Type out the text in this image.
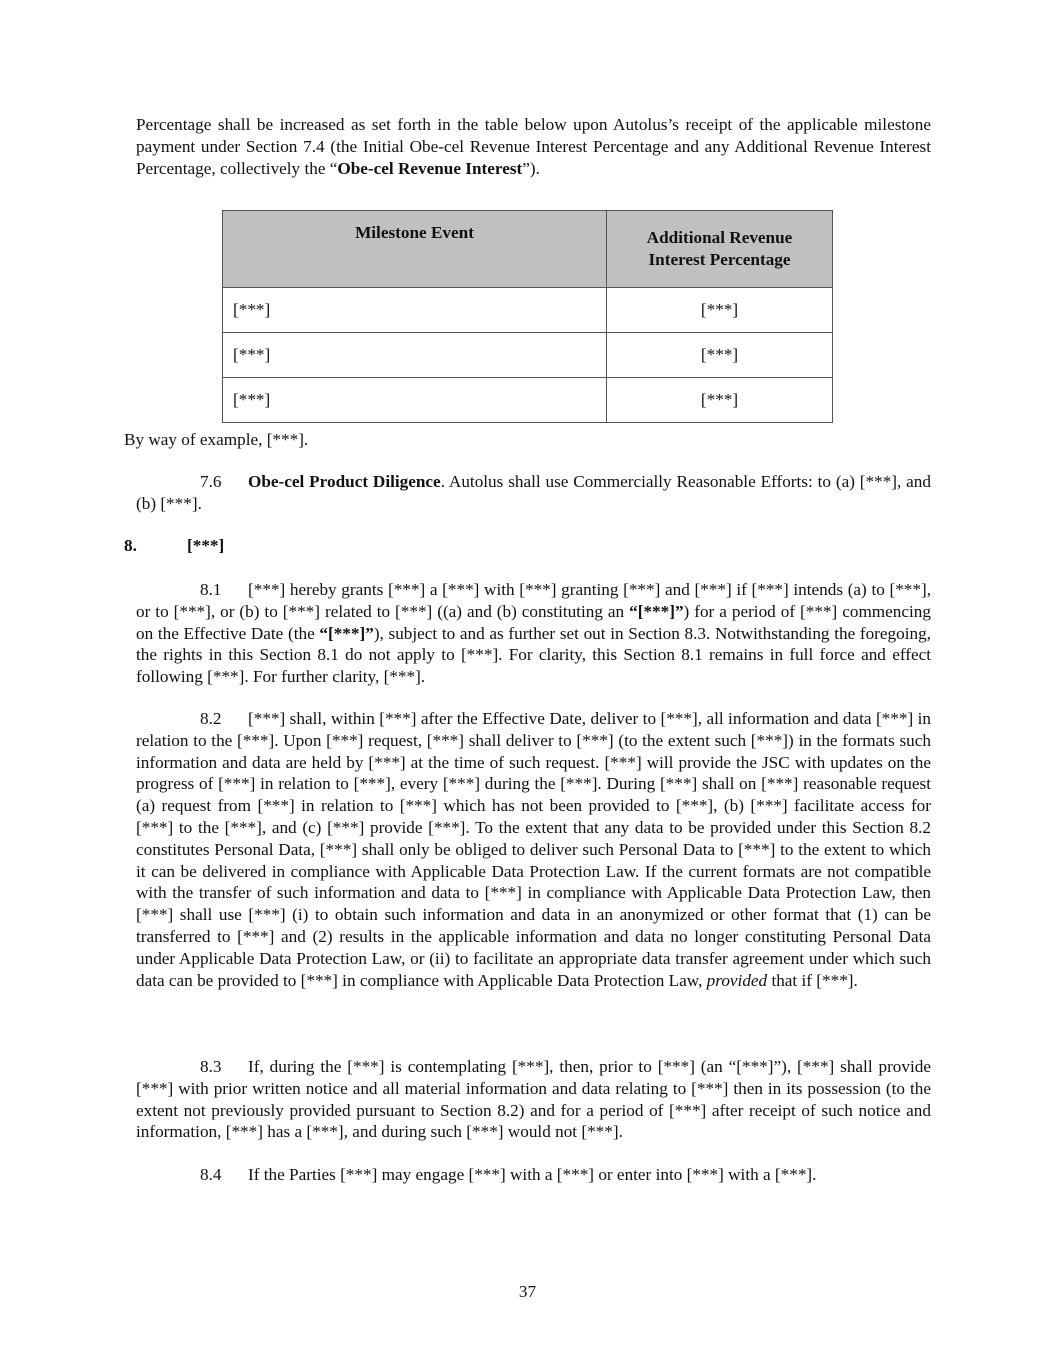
Percentage shall be increased as set forth in the table below upon Autolus’s receipt of the applicable milestone payment under Section 7.4 (the Initial Obe-cel Revenue Interest Percentage and any Additional Revenue Interest Percentage, collectively the “Obe-cel Revenue Interest”).

Milestone Event	Additional Revenue Interest Percentage
[***]	[***]
[***]	[***]
[***]	[***]

By way of example, [***].

7.6 Obe-cel Product Diligence. Autolus shall use Commercially Reasonable Efforts: to (a) [***], and (b) [***].

8.	[***]

8.1 [***] hereby grants [***] a [***] with [***] granting [***] and [***] if [***] intends (a) to [***], or to [***], or (b) to [***] related to [***] ((a) and (b) constituting an “[***]”) for a period of [***] commencing on the Effective Date (the “[***]”), subject to and as further set out in Section 8.3. Notwithstanding the foregoing, the rights in this Section 8.1 do not apply to [***]. For clarity, this Section 8.1 remains in full force and effect following [***]. For further clarity, [***].

8.2 [***] shall, within [***] after the Effective Date, deliver to [***], all information and data [***] in relation to the [***]. Upon [***] request, [***] shall deliver to [***] (to the extent such [***]) in the formats such information and data are held by [***] at the time of such request. [***] will provide the JSC with updates on the progress of [***] in relation to [***], every [***] during the [***]. During [***] shall on [***] reasonable request (a) request from [***] in relation to [***] which has not been provided to [***], (b) [***] facilitate access for [***] to the [***], and (c) [***] provide [***]. To the extent that any data to be provided under this Section 8.2 constitutes Personal Data, [***] shall only be obliged to deliver such Personal Data to [***] to the extent to which it can be delivered in compliance with Applicable Data Protection Law. If the current formats are not compatible with the transfer of such information and data to [***] in compliance with Applicable Data Protection Law, then [***] shall use [***] (i) to obtain such information and data in an anonymized or other format that (1) can be transferred to [***] and (2) results in the applicable information and data no longer constituting Personal Data under Applicable Data Protection Law, or (ii) to facilitate an appropriate data transfer agreement under which such data can be provided to [***] in compliance with Applicable Data Protection Law, provided that if [***].

8.3 If, during the [***] is contemplating [***], then, prior to [***] (an “[***]”), [***] shall provide [***] with prior written notice and all material information and data relating to [***] then in its possession (to the extent not previously provided pursuant to Section 8.2) and for a period of [***] after receipt of such notice and information, [***] has a [***], and during such [***] would not [***].

8.4 If the Parties [***] may engage [***] with a [***] or enter into [***] with a [***].

37
